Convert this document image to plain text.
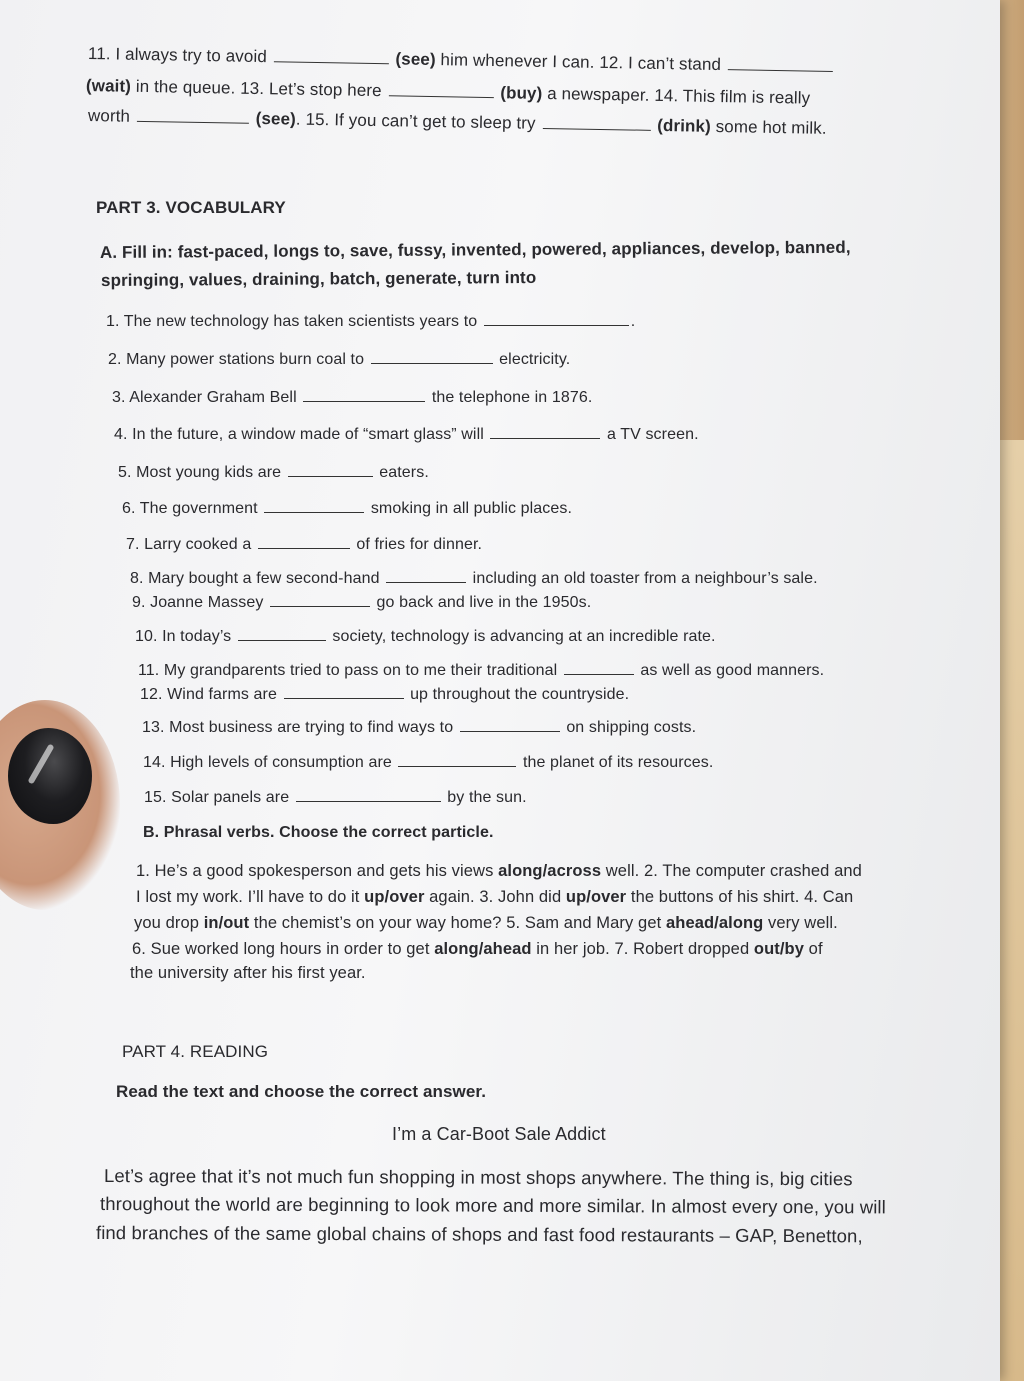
11. I always try to avoid	(see) him whenever I can. 12. I can’t stand
(wait) in the queue. 13. Let’s stop here	(buy) a newspaper. 14. This film is really
worth	(see). 15. If you can’t get to sleep try	(drink) some hot milk.
PART 3. VOCABULARY
A. Fill in: fast-paced, longs to, save, fussy, invented, powered, appliances, develop, banned,
springing, values, draining, batch, generate, turn into
1. The new technology has taken scientists years to	.
2. Many power stations burn coal to	electricity.
3. Alexander Graham Bell	the telephone in 1876.
4. In the future, a window made of “smart glass” will	a TV screen.
5. Most young kids are	eaters.
6. The government	smoking in all public places.
7. Larry cooked a	of fries for dinner.
8. Mary bought a few second-hand	including an old toaster from a neighbour’s sale.
9. Joanne Massey	go back and live in the 1950s.
10. In today’s	society, technology is advancing at an incredible rate.
11. My grandparents tried to pass on to me their traditional	as well as good manners.
12. Wind farms are	up throughout the countryside.
13. Most business are trying to find ways to	on shipping costs.
14. High levels of consumption are	the planet of its resources.
15. Solar panels are	by the sun.
B. Phrasal verbs. Choose the correct particle.
1. He’s a good spokesperson and gets his views along/across well. 2. The computer crashed and
I lost my work. I’ll have to do it up/over again. 3. John did up/over the buttons of his shirt. 4. Can
you drop in/out the chemist’s on your way home? 5. Sam and Mary get ahead/along very well.
6. Sue worked long hours in order to get along/ahead in her job. 7. Robert dropped out/by of
the university after his first year.
PART 4. READING
Read the text and choose the correct answer.
I’m a Car-Boot Sale Addict
Let’s agree that it’s not much fun shopping in most shops anywhere. The thing is, big cities
throughout the world are beginning to look more and more similar. In almost every one, you will
find branches of the same global chains of shops and fast food restaurants – GAP, Benetton,
